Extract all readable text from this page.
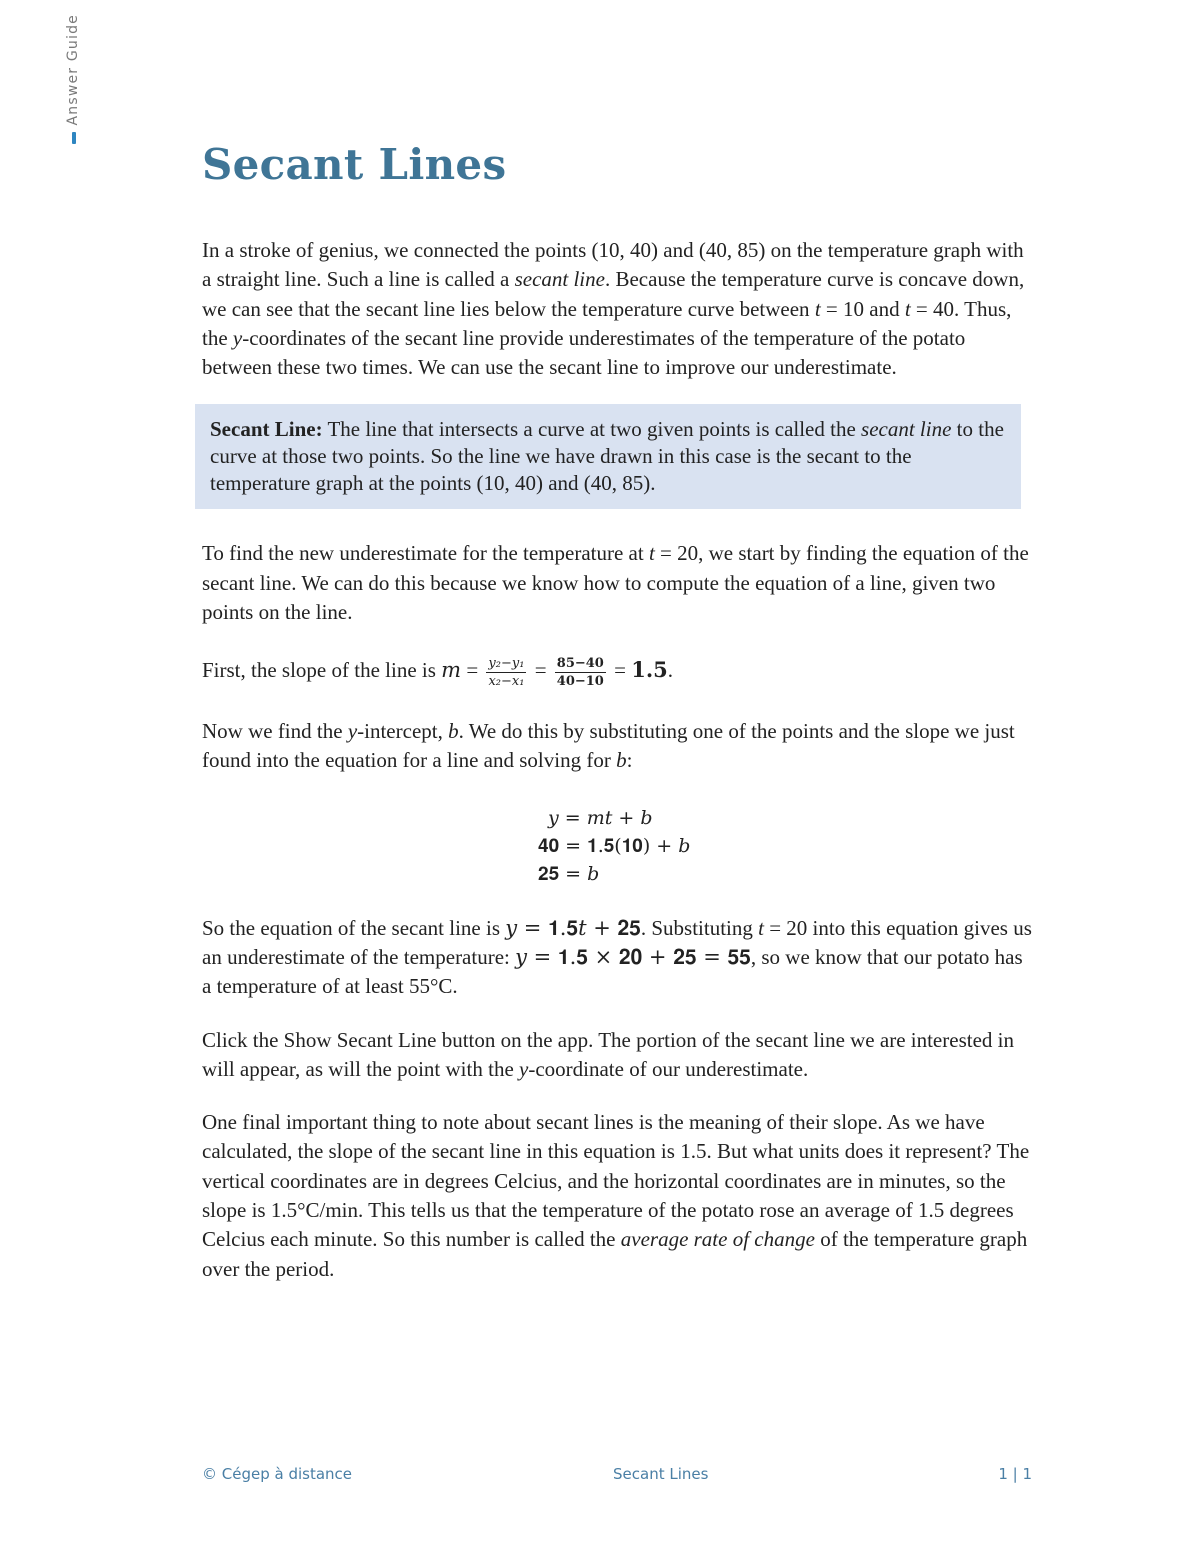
Answer Guide
Secant Lines

In a stroke of genius, we connected the points (10, 40) and (40, 85) on the temperature graph with a straight line. Such a line is called a secant line. Because the temperature curve is concave down, we can see that the secant line lies below the temperature curve between t = 10 and t = 40. Thus, the y-coordinates of the secant line provide underestimates of the temperature of the potato between these two times. We can use the secant line to improve our underestimate.

Secant Line: The line that intersects a curve at two given points is called the secant line to the curve at those two points. So the line we have drawn in this case is the secant to the temperature graph at the points (10, 40) and (40, 85).

To find the new underestimate for the temperature at t = 20, we start by finding the equation of the secant line. We can do this because we know how to compute the equation of a line, given two points on the line.

First, the slope of the line is $m = \frac{\text{y₂−y₁}}{\text{x₂−x₁}} = \frac{85-40}{40-10} = 1.5$.

Now we find the y-intercept, b. We do this by substituting one of the points and the slope we just found into the equation for a line and solving for b:

𝑦 = 𝑚𝑡 + 𝑏
𝟒𝟎 = 𝟏.𝟓(𝟏𝟎) + 𝑏
𝟐𝟓 = 𝑏

So the equation of the secant line is 𝑦 = 𝟏.𝟓𝑡 + 𝟐𝟓. Substituting t = 20 into this equation gives us an underestimate of the temperature: 𝑦 = 𝟏.𝟓 × 𝟐𝟎 + 𝟐𝟓 = 𝟓𝟓, so we know that our potato has a temperature of at least 55°C.

Click the Show Secant Line button on the app. The portion of the secant line we are interested in will appear, as will the point with the y-coordinate of our underestimate.

One final important thing to note about secant lines is the meaning of their slope. As we have calculated, the slope of the secant line in this equation is 1.5. But what units does it represent? The vertical coordinates are in degrees Celcius, and the horizontal coordinates are in minutes, so the slope is 1.5°C/min. This tells us that the temperature of the potato rose an average of 1.5 degrees Celcius each minute. So this number is called the average rate of change of the temperature graph over the period.

© Cégep à distance	Secant Lines	1 | 1
